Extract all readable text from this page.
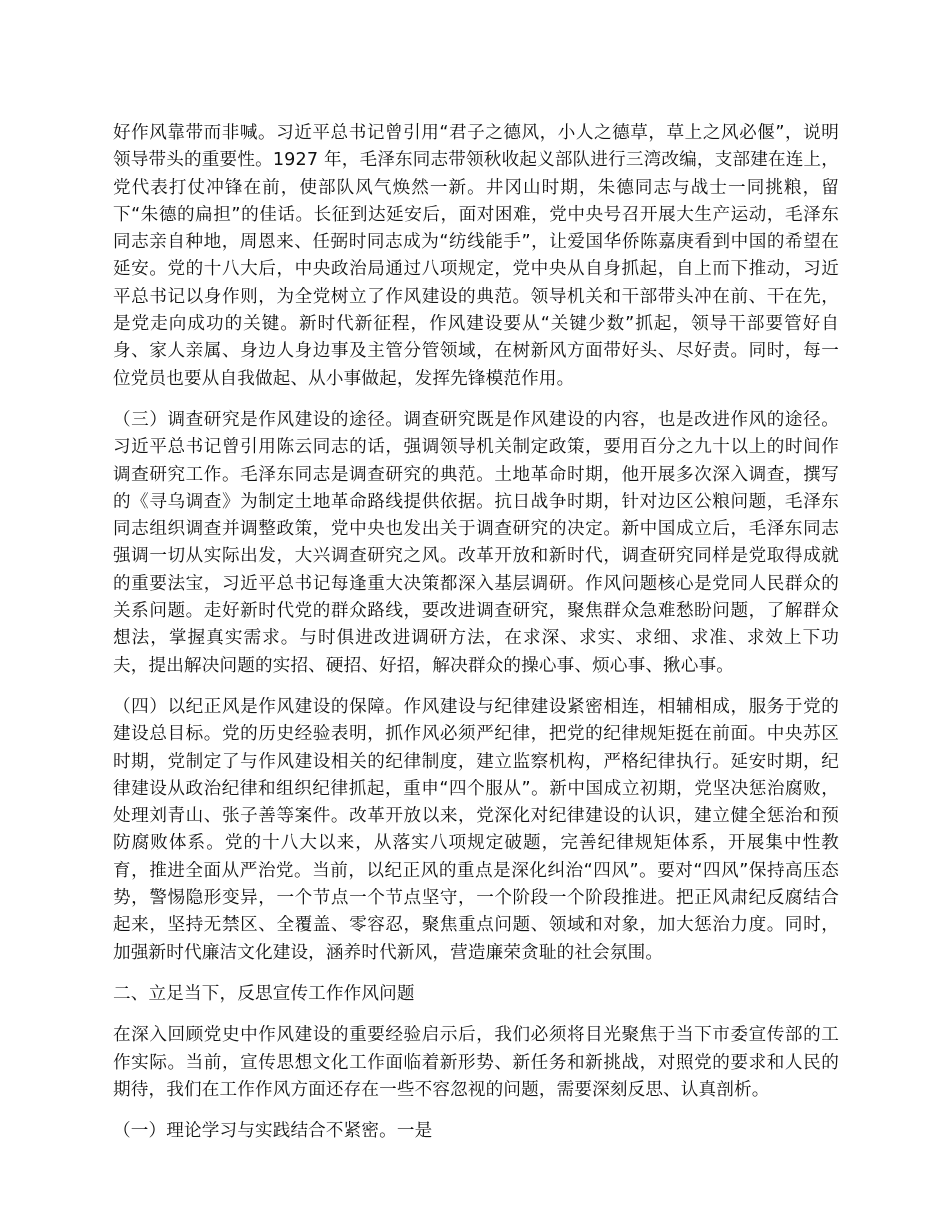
好作风靠带而非喊。习近平总书记曾引用“君子之德风，小人之德草，草上之风必偃”，说明领导带头的重要性。1927 年，毛泽东同志带领秋收起义部队进行三湾改编，支部建在连上，党代表打仗冲锋在前，使部队风气焕然一新。井冈山时期，朱德同志与战士一同挑粮，留下“朱德的扁担”的佳话。长征到达延安后，面对困难，党中央号召开展大生产运动，毛泽东同志亲自种地，周恩来、任弼时同志成为“纺线能手”，让爱国华侨陈嘉庚看到中国的希望在延安。党的十八大后，中央政治局通过八项规定，党中央从自身抓起，自上而下推动，习近平总书记以身作则，为全党树立了作风建设的典范。领导机关和干部带头冲在前、干在先，是党走向成功的关键。新时代新征程，作风建设要从“关键少数”抓起，领导干部要管好自身、家人亲属、身边人身边事及主管分管领域，在树新风方面带好头、尽好责。同时，每一位党员也要从自我做起、从小事做起，发挥先锋模范作用。

（三）调查研究是作风建设的途径。调查研究既是作风建设的内容，也是改进作风的途径。习近平总书记曾引用陈云同志的话，强调领导机关制定政策，要用百分之九十以上的时间作调查研究工作。毛泽东同志是调查研究的典范。土地革命时期，他开展多次深入调查，撰写的《寻乌调查》为制定土地革命路线提供依据。抗日战争时期，针对边区公粮问题，毛泽东同志组织调查并调整政策，党中央也发出关于调查研究的决定。新中国成立后，毛泽东同志强调一切从实际出发，大兴调查研究之风。改革开放和新时代，调查研究同样是党取得成就的重要法宝，习近平总书记每逢重大决策都深入基层调研。作风问题核心是党同人民群众的关系问题。走好新时代党的群众路线，要改进调查研究，聚焦群众急难愁盼问题，了解群众想法，掌握真实需求。与时俱进改进调研方法，在求深、求实、求细、求准、求效上下功夫，提出解决问题的实招、硬招、好招，解决群众的操心事、烦心事、揪心事。

（四）以纪正风是作风建设的保障。作风建设与纪律建设紧密相连，相辅相成，服务于党的建设总目标。党的历史经验表明，抓作风必须严纪律，把党的纪律规矩挺在前面。中央苏区时期，党制定了与作风建设相关的纪律制度，建立监察机构，严格纪律执行。延安时期，纪律建设从政治纪律和组织纪律抓起，重申“四个服从”。新中国成立初期，党坚决惩治腐败，处理刘青山、张子善等案件。改革开放以来，党深化对纪律建设的认识，建立健全惩治和预防腐败体系。党的十八大以来，从落实八项规定破题，完善纪律规矩体系，开展集中性教育，推进全面从严治党。当前，以纪正风的重点是深化纠治“四风”。要对“四风”保持高压态势，警惕隐形变异，一个节点一个节点坚守，一个阶段一个阶段推进。把正风肃纪反腐结合起来，坚持无禁区、全覆盖、零容忍，聚焦重点问题、领域和对象，加大惩治力度。同时，加强新时代廉洁文化建设，涵养时代新风，营造廉荣贪耻的社会氛围。

二、立足当下，反思宣传工作作风问题

在深入回顾党史中作风建设的重要经验启示后，我们必须将目光聚焦于当下市委宣传部的工作实际。当前，宣传思想文化工作面临着新形势、新任务和新挑战，对照党的要求和人民的期待，我们在工作作风方面还存在一些不容忽视的问题，需要深刻反思、认真剖析。

（一）理论学习与实践结合不紧密。一是
